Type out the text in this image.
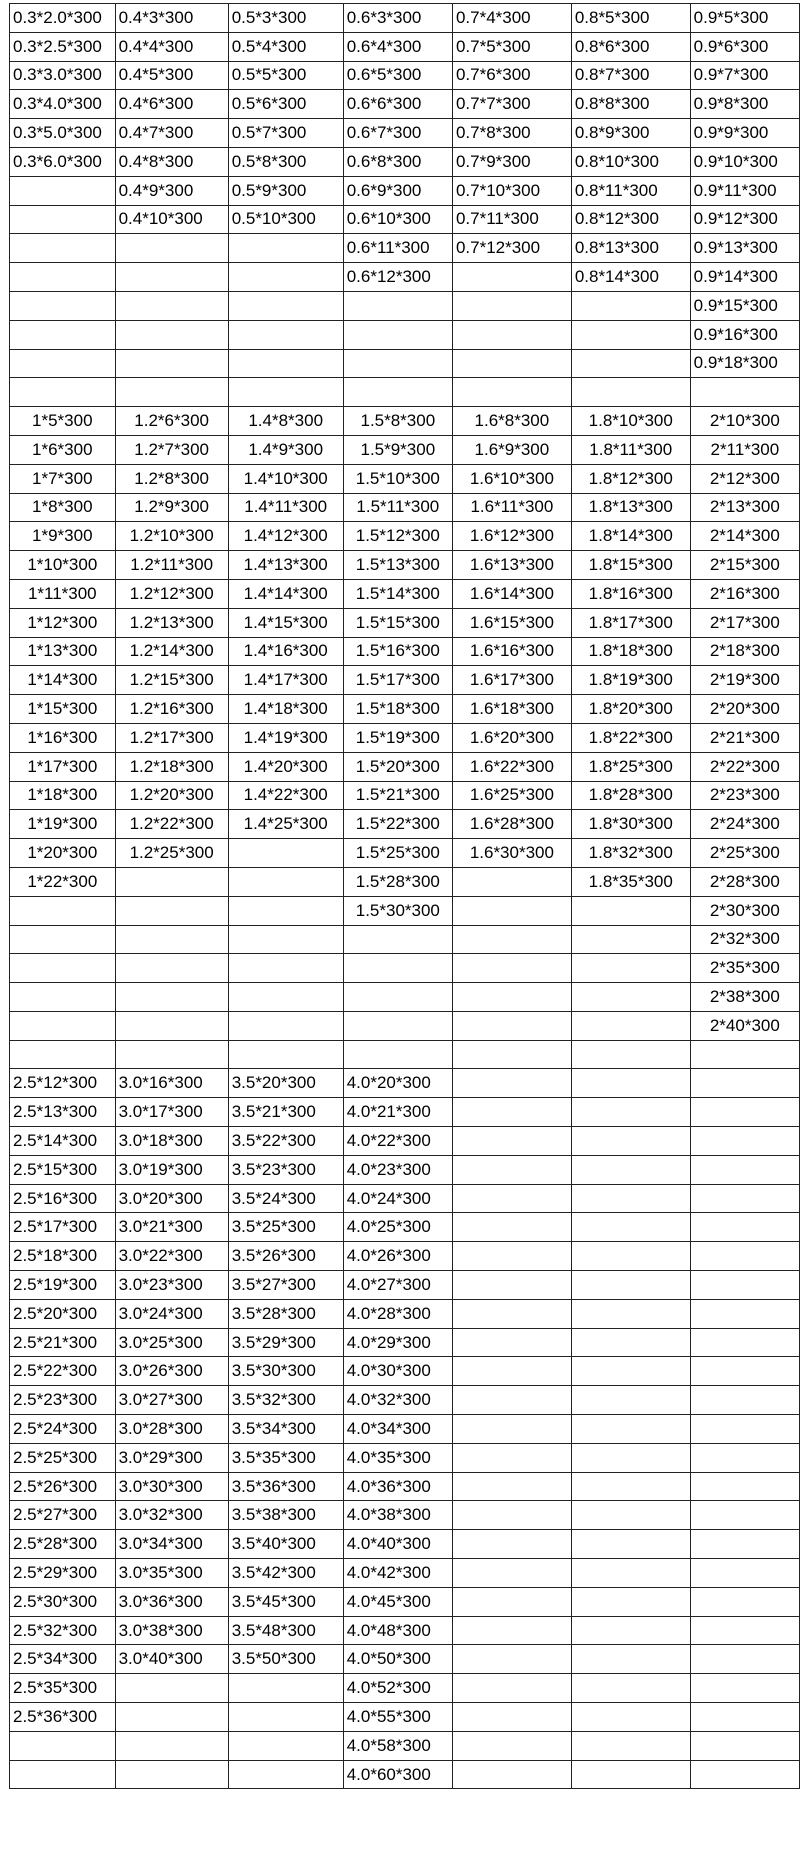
0.3*2.0*300	0.4*3*300	0.5*3*300	0.6*3*300	0.7*4*300	0.8*5*300	0.9*5*300
0.3*2.5*300	0.4*4*300	0.5*4*300	0.6*4*300	0.7*5*300	0.8*6*300	0.9*6*300
0.3*3.0*300	0.4*5*300	0.5*5*300	0.6*5*300	0.7*6*300	0.8*7*300	0.9*7*300
0.3*4.0*300	0.4*6*300	0.5*6*300	0.6*6*300	0.7*7*300	0.8*8*300	0.9*8*300
0.3*5.0*300	0.4*7*300	0.5*7*300	0.6*7*300	0.7*8*300	0.8*9*300	0.9*9*300
0.3*6.0*300	0.4*8*300	0.5*8*300	0.6*8*300	0.7*9*300	0.8*10*300	0.9*10*300
	0.4*9*300	0.5*9*300	0.6*9*300	0.7*10*300	0.8*11*300	0.9*11*300
	0.4*10*300	0.5*10*300	0.6*10*300	0.7*11*300	0.8*12*300	0.9*12*300
			0.6*11*300	0.7*12*300	0.8*13*300	0.9*13*300
			0.6*12*300		0.8*14*300	0.9*14*300
						0.9*15*300
						0.9*16*300
						0.9*18*300

1*5*300	1.2*6*300	1.4*8*300	1.5*8*300	1.6*8*300	1.8*10*300	2*10*300
1*6*300	1.2*7*300	1.4*9*300	1.5*9*300	1.6*9*300	1.8*11*300	2*11*300
1*7*300	1.2*8*300	1.4*10*300	1.5*10*300	1.6*10*300	1.8*12*300	2*12*300
1*8*300	1.2*9*300	1.4*11*300	1.5*11*300	1.6*11*300	1.8*13*300	2*13*300
1*9*300	1.2*10*300	1.4*12*300	1.5*12*300	1.6*12*300	1.8*14*300	2*14*300
1*10*300	1.2*11*300	1.4*13*300	1.5*13*300	1.6*13*300	1.8*15*300	2*15*300
1*11*300	1.2*12*300	1.4*14*300	1.5*14*300	1.6*14*300	1.8*16*300	2*16*300
1*12*300	1.2*13*300	1.4*15*300	1.5*15*300	1.6*15*300	1.8*17*300	2*17*300
1*13*300	1.2*14*300	1.4*16*300	1.5*16*300	1.6*16*300	1.8*18*300	2*18*300
1*14*300	1.2*15*300	1.4*17*300	1.5*17*300	1.6*17*300	1.8*19*300	2*19*300
1*15*300	1.2*16*300	1.4*18*300	1.5*18*300	1.6*18*300	1.8*20*300	2*20*300
1*16*300	1.2*17*300	1.4*19*300	1.5*19*300	1.6*20*300	1.8*22*300	2*21*300
1*17*300	1.2*18*300	1.4*20*300	1.5*20*300	1.6*22*300	1.8*25*300	2*22*300
1*18*300	1.2*20*300	1.4*22*300	1.5*21*300	1.6*25*300	1.8*28*300	2*23*300
1*19*300	1.2*22*300	1.4*25*300	1.5*22*300	1.6*28*300	1.8*30*300	2*24*300
1*20*300	1.2*25*300		1.5*25*300	1.6*30*300	1.8*32*300	2*25*300
1*22*300			1.5*28*300		1.8*35*300	2*28*300
			1.5*30*300			2*30*300
						2*32*300
						2*35*300
						2*38*300
						2*40*300

2.5*12*300	3.0*16*300	3.5*20*300	4.0*20*300			
2.5*13*300	3.0*17*300	3.5*21*300	4.0*21*300			
2.5*14*300	3.0*18*300	3.5*22*300	4.0*22*300			
2.5*15*300	3.0*19*300	3.5*23*300	4.0*23*300			
2.5*16*300	3.0*20*300	3.5*24*300	4.0*24*300			
2.5*17*300	3.0*21*300	3.5*25*300	4.0*25*300			
2.5*18*300	3.0*22*300	3.5*26*300	4.0*26*300			
2.5*19*300	3.0*23*300	3.5*27*300	4.0*27*300			
2.5*20*300	3.0*24*300	3.5*28*300	4.0*28*300			
2.5*21*300	3.0*25*300	3.5*29*300	4.0*29*300			
2.5*22*300	3.0*26*300	3.5*30*300	4.0*30*300			
2.5*23*300	3.0*27*300	3.5*32*300	4.0*32*300			
2.5*24*300	3.0*28*300	3.5*34*300	4.0*34*300			
2.5*25*300	3.0*29*300	3.5*35*300	4.0*35*300			
2.5*26*300	3.0*30*300	3.5*36*300	4.0*36*300			
2.5*27*300	3.0*32*300	3.5*38*300	4.0*38*300			
2.5*28*300	3.0*34*300	3.5*40*300	4.0*40*300			
2.5*29*300	3.0*35*300	3.5*42*300	4.0*42*300			
2.5*30*300	3.0*36*300	3.5*45*300	4.0*45*300			
2.5*32*300	3.0*38*300	3.5*48*300	4.0*48*300			
2.5*34*300	3.0*40*300	3.5*50*300	4.0*50*300			
2.5*35*300			4.0*52*300			
2.5*36*300			4.0*55*300			
			4.0*58*300			
			4.0*60*300			
